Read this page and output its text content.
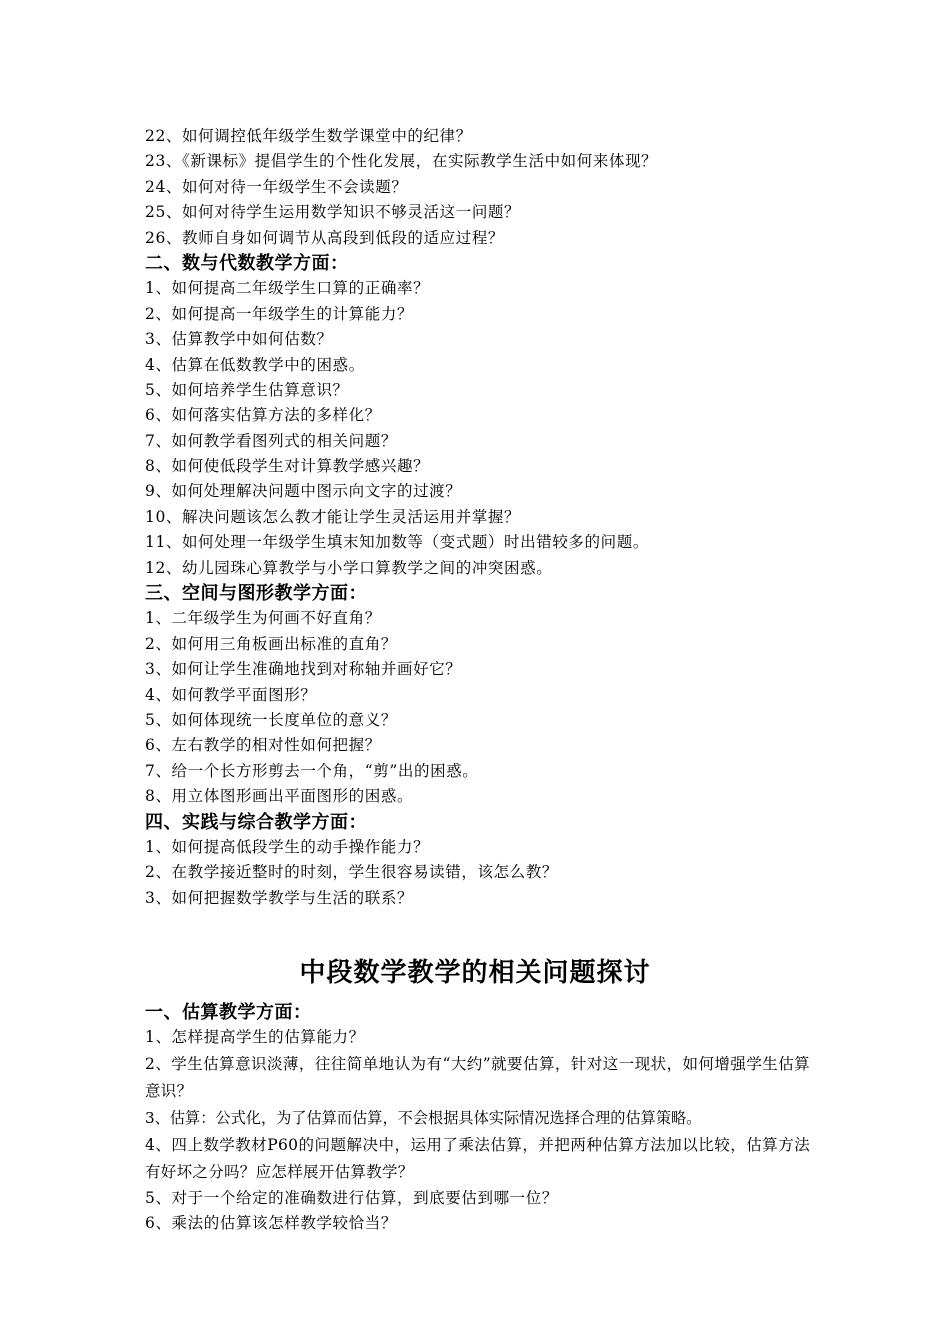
22、如何调控低年级学生数学课堂中的纪律？
23、《新课标》提倡学生的个性化发展，在实际教学生活中如何来体现？
24、如何对待一年级学生不会读题？
25、如何对待学生运用数学知识不够灵活这一问题？
26、教师自身如何调节从高段到低段的适应过程？
二、数与代数教学方面：
1、如何提高二年级学生口算的正确率？
2、如何提高一年级学生的计算能力？
3、估算教学中如何估数？
4、估算在低数教学中的困惑。
5、如何培养学生估算意识？
6、如何落实估算方法的多样化？
7、如何教学看图列式的相关问题？
8、如何使低段学生对计算教学感兴趣？
9、如何处理解决问题中图示向文字的过渡？
10、解决问题该怎么教才能让学生灵活运用并掌握？
11、如何处理一年级学生填末知加数等（变式题）时出错较多的问题。
12、幼儿园珠心算教学与小学口算教学之间的冲突困惑。
三、空间与图形教学方面：
1、二年级学生为何画不好直角？
2、如何用三角板画出标准的直角？
3、如何让学生准确地找到对称轴并画好它？
4、如何教学平面图形？
5、如何体现统一长度单位的意义？
6、左右教学的相对性如何把握？
7、给一个长方形剪去一个角，“剪”出的困惑。
8、用立体图形画出平面图形的困惑。
四、实践与综合教学方面：
1、如何提高低段学生的动手操作能力？
2、在教学接近整时的时刻，学生很容易读错，该怎么教？
3、如何把握数学教学与生活的联系？
中段数学教学的相关问题探讨
一、估算教学方面：
1、怎样提高学生的估算能力？
2、学生估算意识淡薄，往往简单地认为有“大约”就要估算，针对这一现状，如何增强学生估算意识？
3、估算：公式化，为了估算而估算，不会根据具体实际情况选择合理的估算策略。
4、四上数学教材P60的问题解决中，运用了乘法估算，并把两种估算方法加以比较，估算方法有好坏之分吗？应怎样展开估算教学？
5、对于一个给定的准确数进行估算，到底要估到哪一位？
6、乘法的估算该怎样教学较恰当？
